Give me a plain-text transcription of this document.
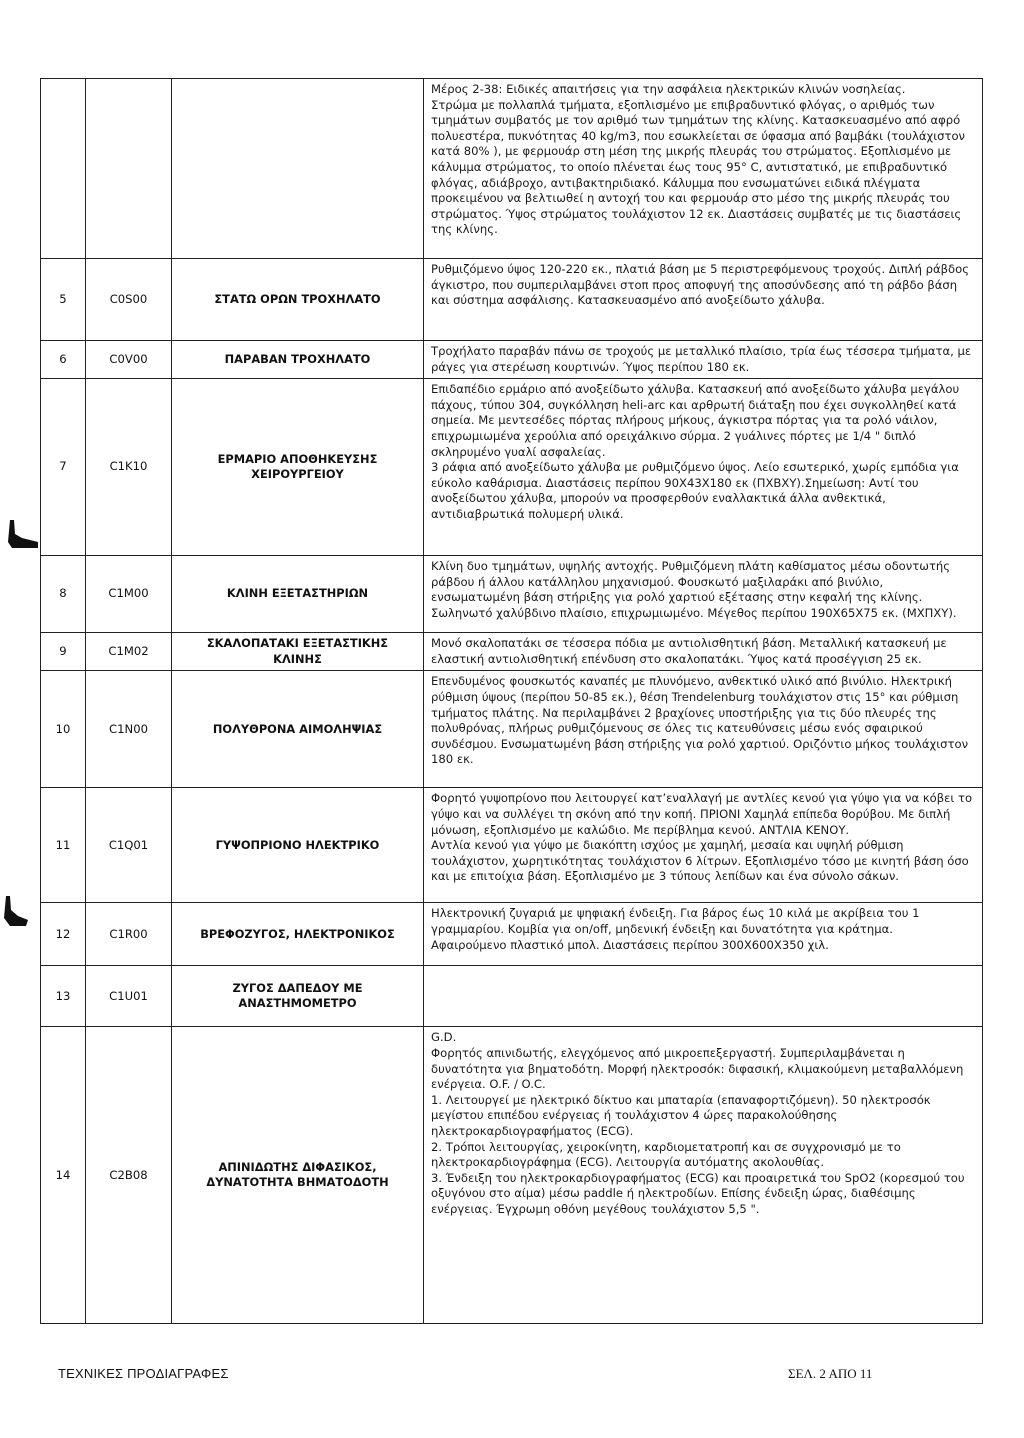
			Μέρος 2-38: Ειδικές απαιτήσεις για την ασφάλεια ηλεκτρικών κλινών νοσηλείας.
Στρώμα με πολλαπλά τμήματα, εξοπλισμένο με επιβραδυντικό φλόγας, ο αριθμός των τμημάτων συμβατός με τον αριθμό των τμημάτων της κλίνης. Κατασκευασμένο από αφρό πολυεστέρα, πυκνότητας 40 kg/m3, που εσωκλείεται σε ύφασμα από βαμβάκι (τουλάχιστον κατά 80% ), με φερμουάρ στη μέση της μικρής πλευράς του στρώματος. Εξοπλισμένο με κάλυμμα στρώματος, το οποίο πλένεται έως τους 95° C, αντιστατικό, με επιβραδυντικό φλόγας, αδιάβροχο, αντιβακτηριδιακό. Κάλυμμα που ενσωματώνει ειδικά πλέγματα προκειμένου να βελτιωθεί η αντοχή του και φερμουάρ στο μέσο της μικρής πλευράς του στρώματος. Ύψος στρώματος τουλάχιστον 12 εκ. Διαστάσεις συμβατές με τις διαστάσεις της κλίνης.

5	C0S00	ΣΤΑΤΩ ΟΡΩΝ ΤΡΟΧΗΛΑΤΟ	Ρυθμιζόμενο ύψος 120-220 εκ., πλατιά βάση με 5 περιστρεφόμενους τροχούς. Διπλή ράβδος άγκιστρο, που συμπεριλαμβάνει στοπ προς αποφυγή της αποσύνδεσης από τη ράβδο βάση και σύστημα ασφάλισης. Κατασκευασμένο από ανοξείδωτο χάλυβα.

6	C0V00	ΠΑΡΑΒΑΝ ΤΡΟΧΗΛΑΤΟ	Τροχήλατο παραβάν πάνω σε τροχούς με μεταλλικό πλαίσιο, τρία έως τέσσερα τμήματα, με ράγες για στερέωση κουρτινών. Ύψος περίπου 180 εκ.

7	C1K10	ΕΡΜΑΡΙΟ ΑΠΟΘΗΚΕΥΣΗΣ ΧΕΙΡΟΥΡΓΕΙΟΥ	Επιδαπέδιο ερμάριο από ανοξείδωτο χάλυβα. Κατασκευή από ανοξείδωτο χάλυβα μεγάλου πάχους, τύπου 304, συγκόλληση heli-arc και αρθρωτή διάταξη που έχει συγκολληθεί κατά σημεία. Με μεντεσέδες πόρτας πλήρους μήκους, άγκιστρα πόρτας για τα ρολό νάιλον, επιχρωμιωμένα χερούλια από ορειχάλκινο σύρμα. 2 γυάλινες πόρτες με 1/4 " διπλό σκληρυμένο γυαλί ασφαλείας.
3 ράφια από ανοξείδωτο χάλυβα με ρυθμιζόμενο ύψος. Λείο εσωτερικό, χωρίς εμπόδια για εύκολο καθάρισμα. Διαστάσεις περίπου 90Χ43Χ180 εκ (ΠΧΒΧΥ).Σημείωση: Αντί του ανοξείδωτου χάλυβα, μπορούν να προσφερθούν εναλλακτικά άλλα ανθεκτικά, αντιδιαβρωτικά πολυμερή υλικά.

8	C1M00	ΚΛΙΝΗ ΕΞΕΤΑΣΤΗΡΙΩΝ	Κλίνη δυο τμημάτων, υψηλής αντοχής. Ρυθμιζόμενη πλάτη καθίσματος μέσω οδοντωτής ράβδου ή άλλου κατάλληλου μηχανισμού. Φουσκωτό μαξιλαράκι από βινύλιο, ενσωματωμένη βάση στήριξης για ρολό χαρτιού εξέτασης στην κεφαλή της κλίνης. Σωληνωτό χαλύβδινο πλαίσιο, επιχρωμιωμένο. Μέγεθος περίπου 190Χ65Χ75 εκ. (ΜΧΠΧΥ).

9	C1M02	ΣΚΑΛΟΠΑΤΑΚΙ ΕΞΕΤΑΣΤΙΚΗΣ ΚΛΙΝΗΣ	Μονό σκαλοπατάκι σε τέσσερα πόδια με αντιολισθητική βάση. Μεταλλική κατασκευή με ελαστική αντιολισθητική επένδυση στο σκαλοπατάκι. Ύψος κατά προσέγγιση 25 εκ.

10	C1N00	ΠΟΛΥΘΡΟΝΑ ΑΙΜΟΛΗΨΙΑΣ	Επενδυμένος φουσκωτός καναπές με πλυνόμενο, ανθεκτικό υλικό από βινύλιο. Ηλεκτρική ρύθμιση ύψους (περίπου 50-85 εκ.), θέση Trendelenburg τουλάχιστον στις 15° και ρύθμιση τμήματος πλάτης. Να περιλαμβάνει 2 βραχίονες υποστήριξης για τις δύο πλευρές της πολυθρόνας, πλήρως ρυθμιζόμενους σε όλες τις κατευθύνσεις μέσω ενός σφαιρικού συνδέσμου. Ενσωματωμένη βάση στήριξης για ρολό χαρτιού. Οριζόντιο μήκος τουλάχιστον 180 εκ.

11	C1Q01	ΓΥΨΟΠΡΙΟΝΟ ΗΛΕΚΤΡΙΚΟ	Φορητό γυψοπρίονο που λειτουργεί κατ’εναλλαγή με αντλίες κενού για γύψο για να κόβει το γύψο και να συλλέγει τη σκόνη από την κοπή. ΠΡΙΟΝΙ Χαμηλά επίπεδα θορύβου. Με διπλή μόνωση, εξοπλισμένο με καλώδιο. Με περίβλημα κενού. ΑΝΤΛΙΑ ΚΕΝΟΥ.
Αντλία κενού για γύψο με διακόπτη ισχύος με χαμηλή, μεσαία και υψηλή ρύθμιση τουλάχιστον, χωρητικότητας τουλάχιστον 6 λίτρων. Εξοπλισμένο τόσο με κινητή βάση όσο και με επιτοίχια βάση. Εξοπλισμένο με 3 τύπους λεπίδων και ένα σύνολο σάκων.

12	C1R00	ΒΡΕΦΟΖΥΓΟΣ, ΗΛΕΚΤΡΟΝΙΚΟΣ	Ηλεκτρονική ζυγαριά με ψηφιακή ένδειξη. Για βάρος έως 10 κιλά με ακρίβεια του 1 γραμμαρίου. Κομβία για on/off, μηδενική ένδειξη και δυνατότητα για κράτημα.
Αφαιρούμενο πλαστικό μπολ. Διαστάσεις περίπου 300Χ600Χ350 χιλ.

13	C1U01	ΖΥΓΟΣ ΔΑΠΕΔΟΥ ΜΕ ΑΝΑΣΤΗΜΟΜΕΤΡΟ	

14	C2B08	ΑΠΙΝΙΔΩΤΗΣ ΔΙΦΑΣΙΚΟΣ, ΔΥΝΑΤΟΤΗΤΑ ΒΗΜΑΤΟΔΟΤΗ	G.D.
Φορητός απινιδωτής, ελεγχόμενος από μικροεπεξεργαστή. Συμπεριλαμβάνεται η δυνατότητα για βηματοδότη. Μορφή ηλεκτροσόκ: διφασική, κλιμακούμενη μεταβαλλόμενη ενέργεια. O.F. / O.C.
1. Λειτουργεί με ηλεκτρικό δίκτυο και μπαταρία (επαναφορτιζόμενη). 50 ηλεκτροσόκ μεγίστου επιπέδου ενέργειας ή τουλάχιστον 4 ώρες παρακολούθησης ηλεκτροκαρδιογραφήματος (ECG).
2. Τρόποι λειτουργίας, χειροκίνητη, καρδιομετατροπή και σε συγχρονισμό με το ηλεκτροκαρδιογράφημα (ECG). Λειτουργία αυτόματης ακολουθίας.
3. Ένδειξη του ηλεκτροκαρδιογραφήματος (ECG) και προαιρετικά του SpO2 (κορεσμού του οξυγόνου στο αίμα) μέσω paddle ή ηλεκτροδίων. Επίσης ένδειξη ώρας, διαθέσιμης ενέργειας. Έγχρωμη οθόνη μεγέθους τουλάχιστον 5,5 ".
ΤΕΧΝΙΚΕΣ ΠΡΟΔΙΑΓΡΑΦΕΣ	ΣΕΛ. 2 ΑΠΟ 11
